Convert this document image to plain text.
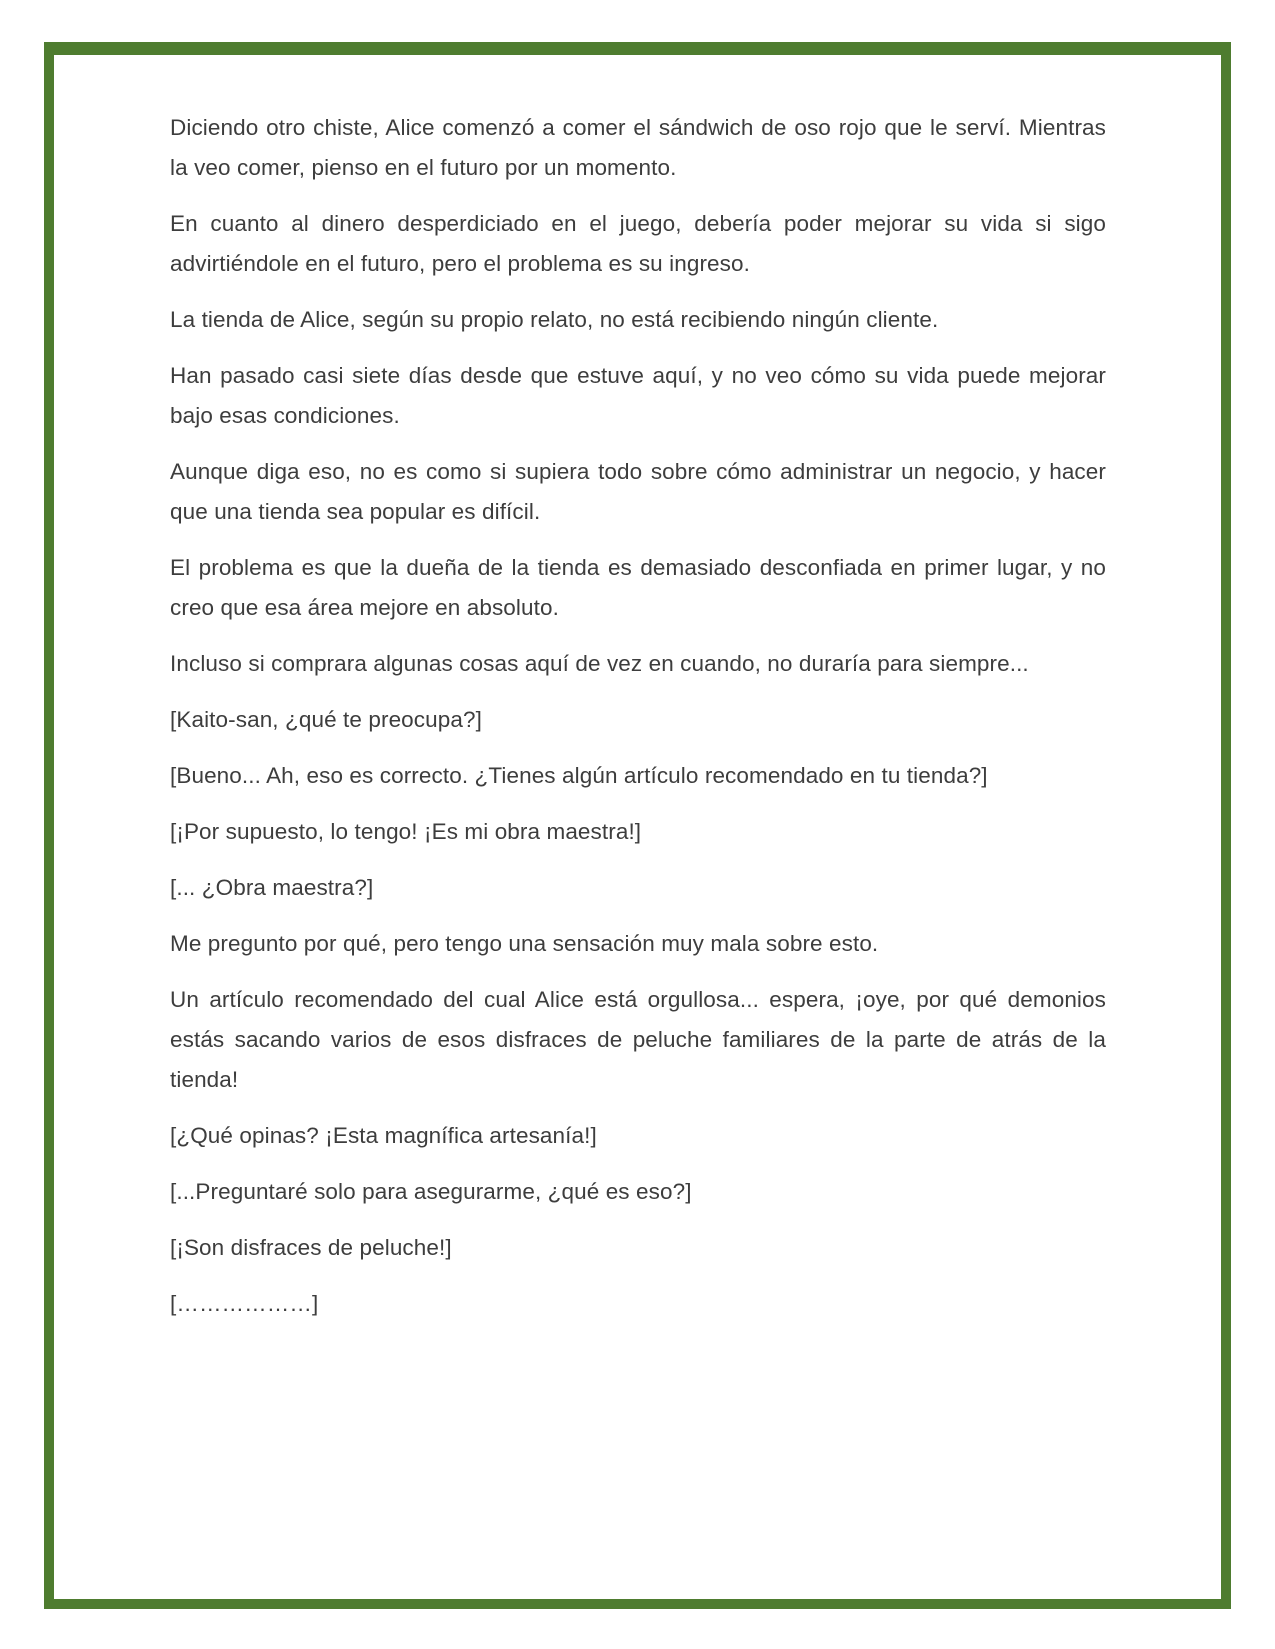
Diciendo otro chiste, Alice comenzó a comer el sándwich de oso rojo que le serví. Mientras la veo comer, pienso en el futuro por un momento.

En cuanto al dinero desperdiciado en el juego, debería poder mejorar su vida si sigo advirtiéndole en el futuro, pero el problema es su ingreso.

La tienda de Alice, según su propio relato, no está recibiendo ningún cliente.

Han pasado casi siete días desde que estuve aquí, y no veo cómo su vida puede mejorar bajo esas condiciones.

Aunque diga eso, no es como si supiera todo sobre cómo administrar un negocio, y hacer que una tienda sea popular es difícil.

El problema es que la dueña de la tienda es demasiado desconfiada en primer lugar, y no creo que esa área mejore en absoluto.

Incluso si comprara algunas cosas aquí de vez en cuando, no duraría para siempre...

[Kaito-san, ¿qué te preocupa?]

[Bueno... Ah, eso es correcto. ¿Tienes algún artículo recomendado en tu tienda?]

[¡Por supuesto, lo tengo! ¡Es mi obra maestra!]

[... ¿Obra maestra?]

Me pregunto por qué, pero tengo una sensación muy mala sobre esto.

Un artículo recomendado del cual Alice está orgullosa... espera, ¡oye, por qué demonios estás sacando varios de esos disfraces de peluche familiares de la parte de atrás de la tienda!

[¿Qué opinas? ¡Esta magnífica artesanía!]

[...Preguntaré solo para asegurarme, ¿qué es eso?]

[¡Son disfraces de peluche!]

[………………]
